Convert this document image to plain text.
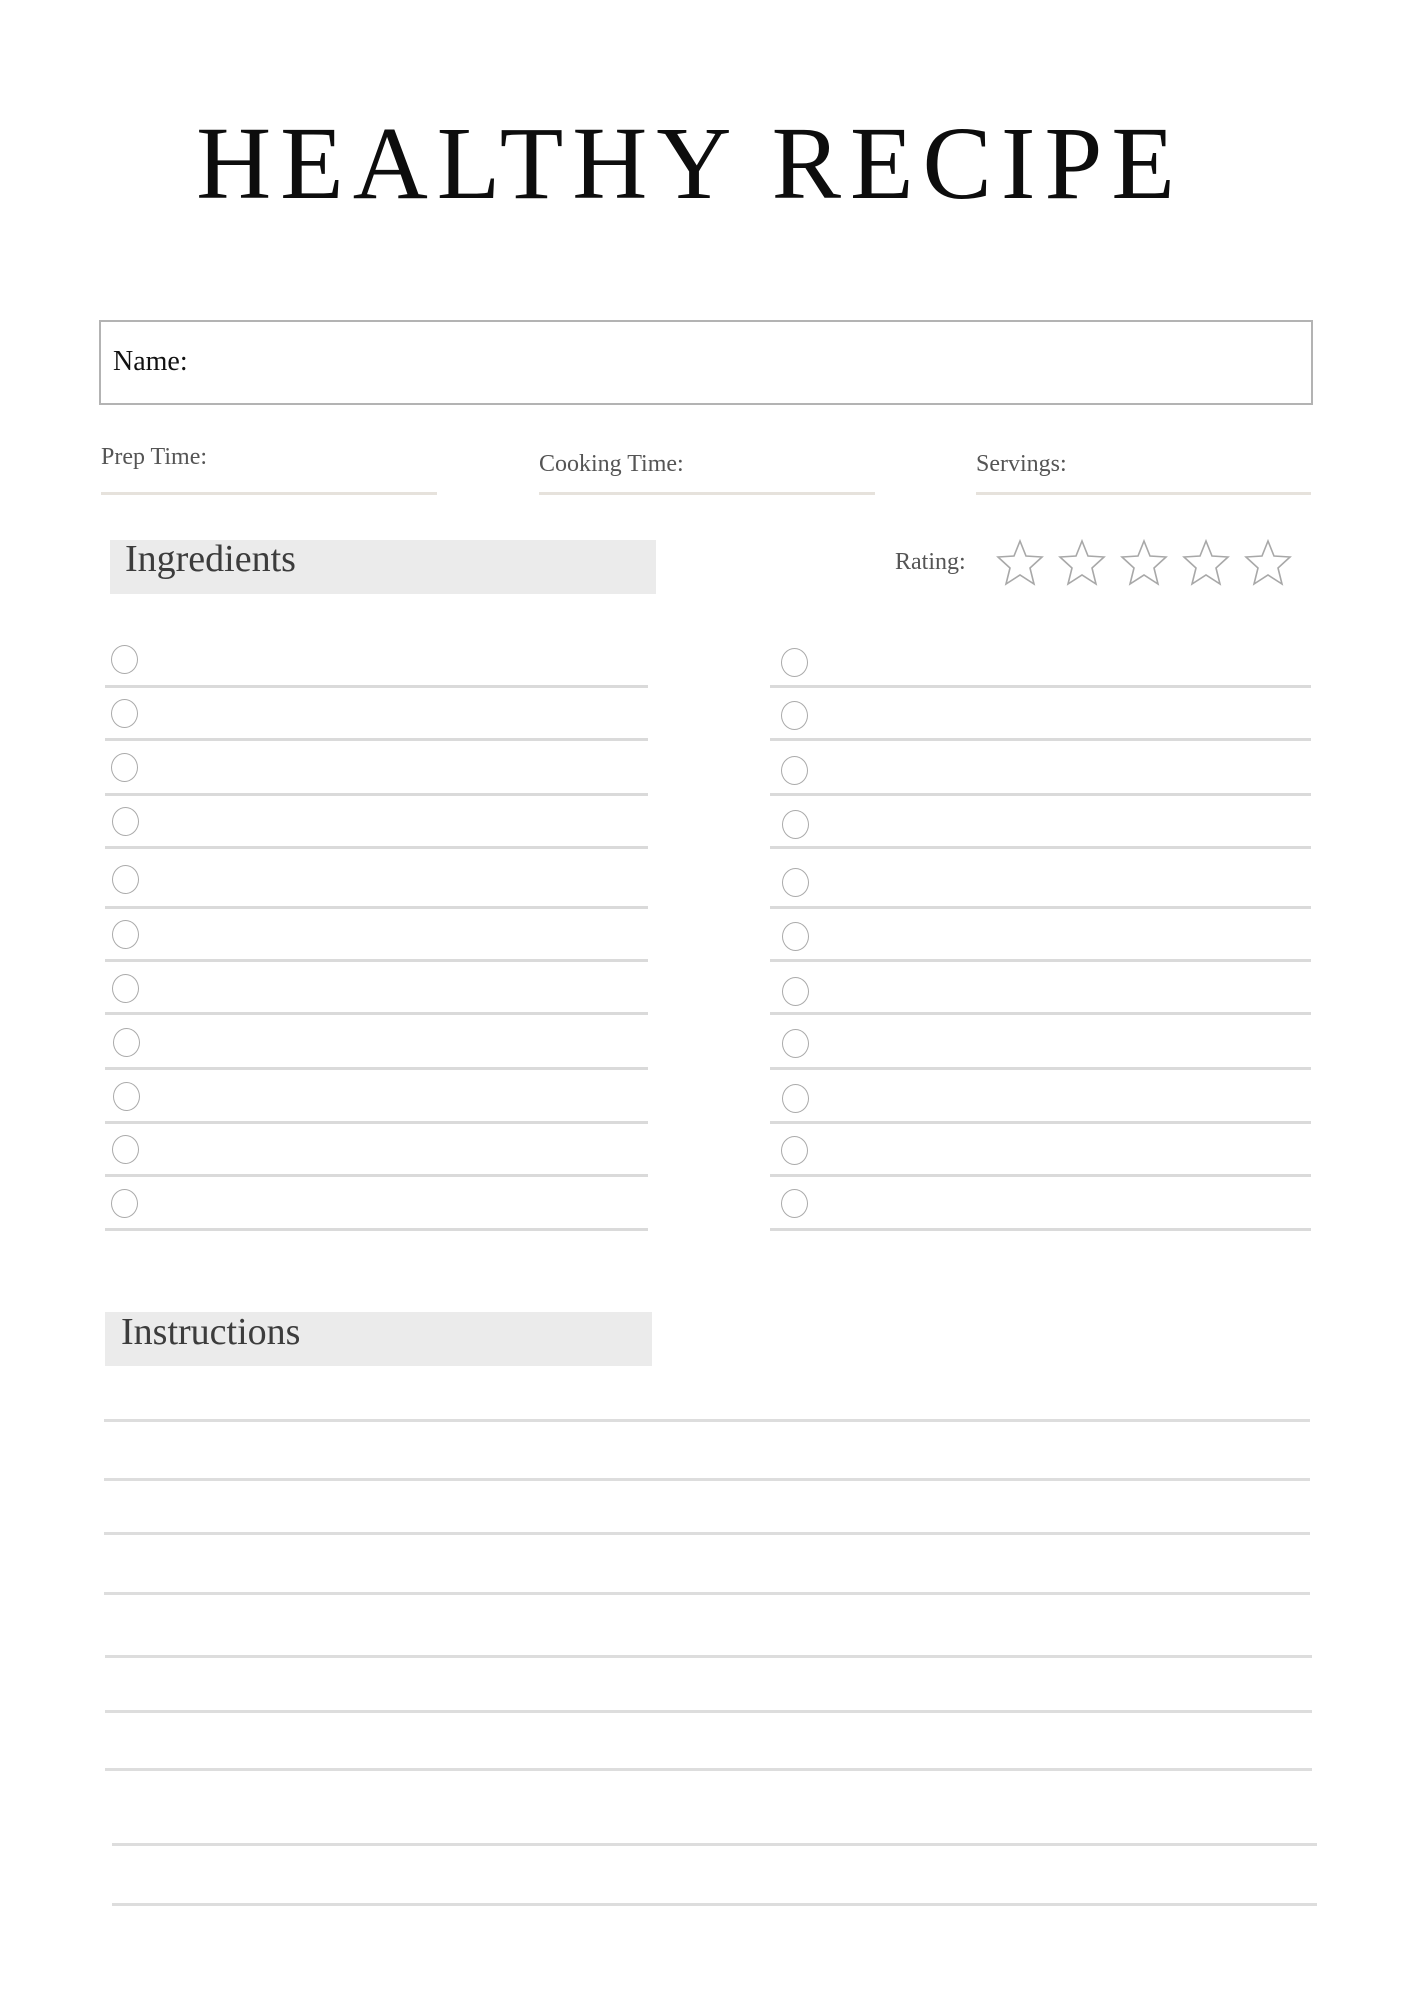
HEALTHY RECIPE
Name:
Prep Time:	Cooking Time:	Servings:
Ingredients	Rating:
Instructions
